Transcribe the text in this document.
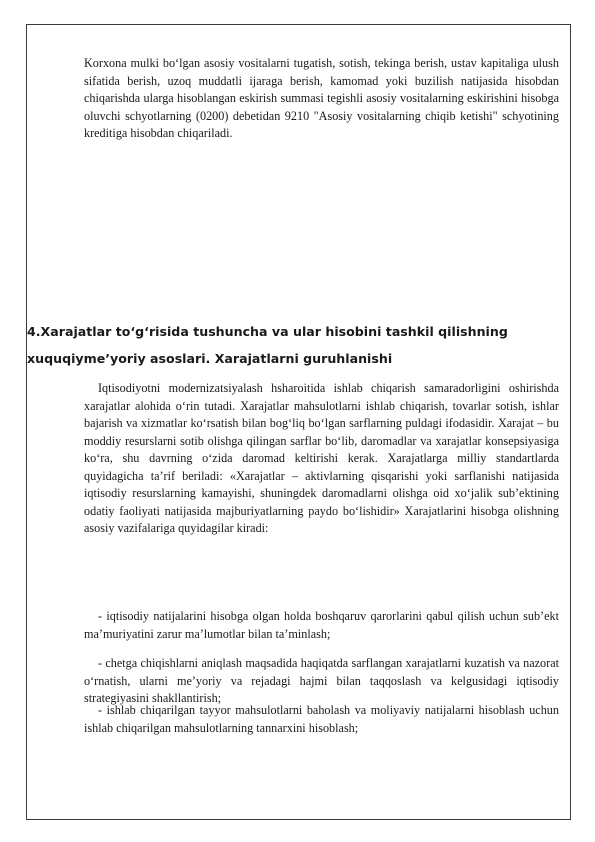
Korxona mulki bo‘lgan asosiy vositalarni tugatish, sotish, tekinga berish, ustav kapitaliga ulush sifatida berish, uzoq muddatli ijaraga berish, kamomad yoki buzilish natijasida hisobdan chiqarishda ularga hisoblangan eskirish summasi tegishli asosiy vositalarning eskirishini hisobga oluvchi schyotlarning (0200) debetidan 9210 "Asosiy vositalarning chiqib ketishi" schyotining kreditiga hisobdan chiqariladi.

4.Xarajatlar to‘g‘risida tushuncha va ular hisobini tashkil qilishning
xuquqiyme’yoriy asoslari. Xarajatlarni guruhlanishi

Iqtisodiyotni modernizatsiyalash hsharoitida ishlab chiqarish samaradorligini oshirishda xarajatlar alohida o‘rin tutadi. Xarajatlar mahsulotlarni ishlab chiqarish, tovarlar sotish, ishlar bajarish va xizmatlar ko‘rsatish bilan bog‘liq bo‘lgan sarflarning puldagi ifodasidir. Xarajat – bu moddiy resurslarni sotib olishga qilingan sarflar bo‘lib, daromadlar va xarajatlar konsepsiyasiga ko‘ra, shu davrning o‘zida daromad keltirishi kerak. Xarajatlarga milliy standartlarda quyidagicha ta’rif beriladi: «Xarajatlar – aktivlarning qisqarishi yoki sarflanishi natijasida iqtisodiy resurslarning kamayishi, shuningdek daromadlarni olishga oid xo‘jalik sub’ektining odatiy faoliyati natijasida majburiyatlarning paydo bo‘lishidir» Xarajatlarini hisobga olishning asosiy vazifalariga quyidagilar kiradi:

- iqtisodiy natijalarini hisobga olgan holda boshqaruv qarorlarini qabul qilish uchun sub’ekt ma’muriyatini zarur ma’lumotlar bilan ta’minlash;

- chetga chiqishlarni aniqlash maqsadida haqiqatda sarflangan xarajatlarni kuzatish va nazorat o‘rnatish, ularni me’yoriy va rejadagi hajmi bilan taqqoslash va kelgusidagi iqtisodiy strategiyasini shakllantirish;

- ishlab chiqarilgan tayyor mahsulotlarni baholash va moliyaviy natijalarni hisoblash uchun ishlab chiqarilgan mahsulotlarning tannarxini hisoblash;
